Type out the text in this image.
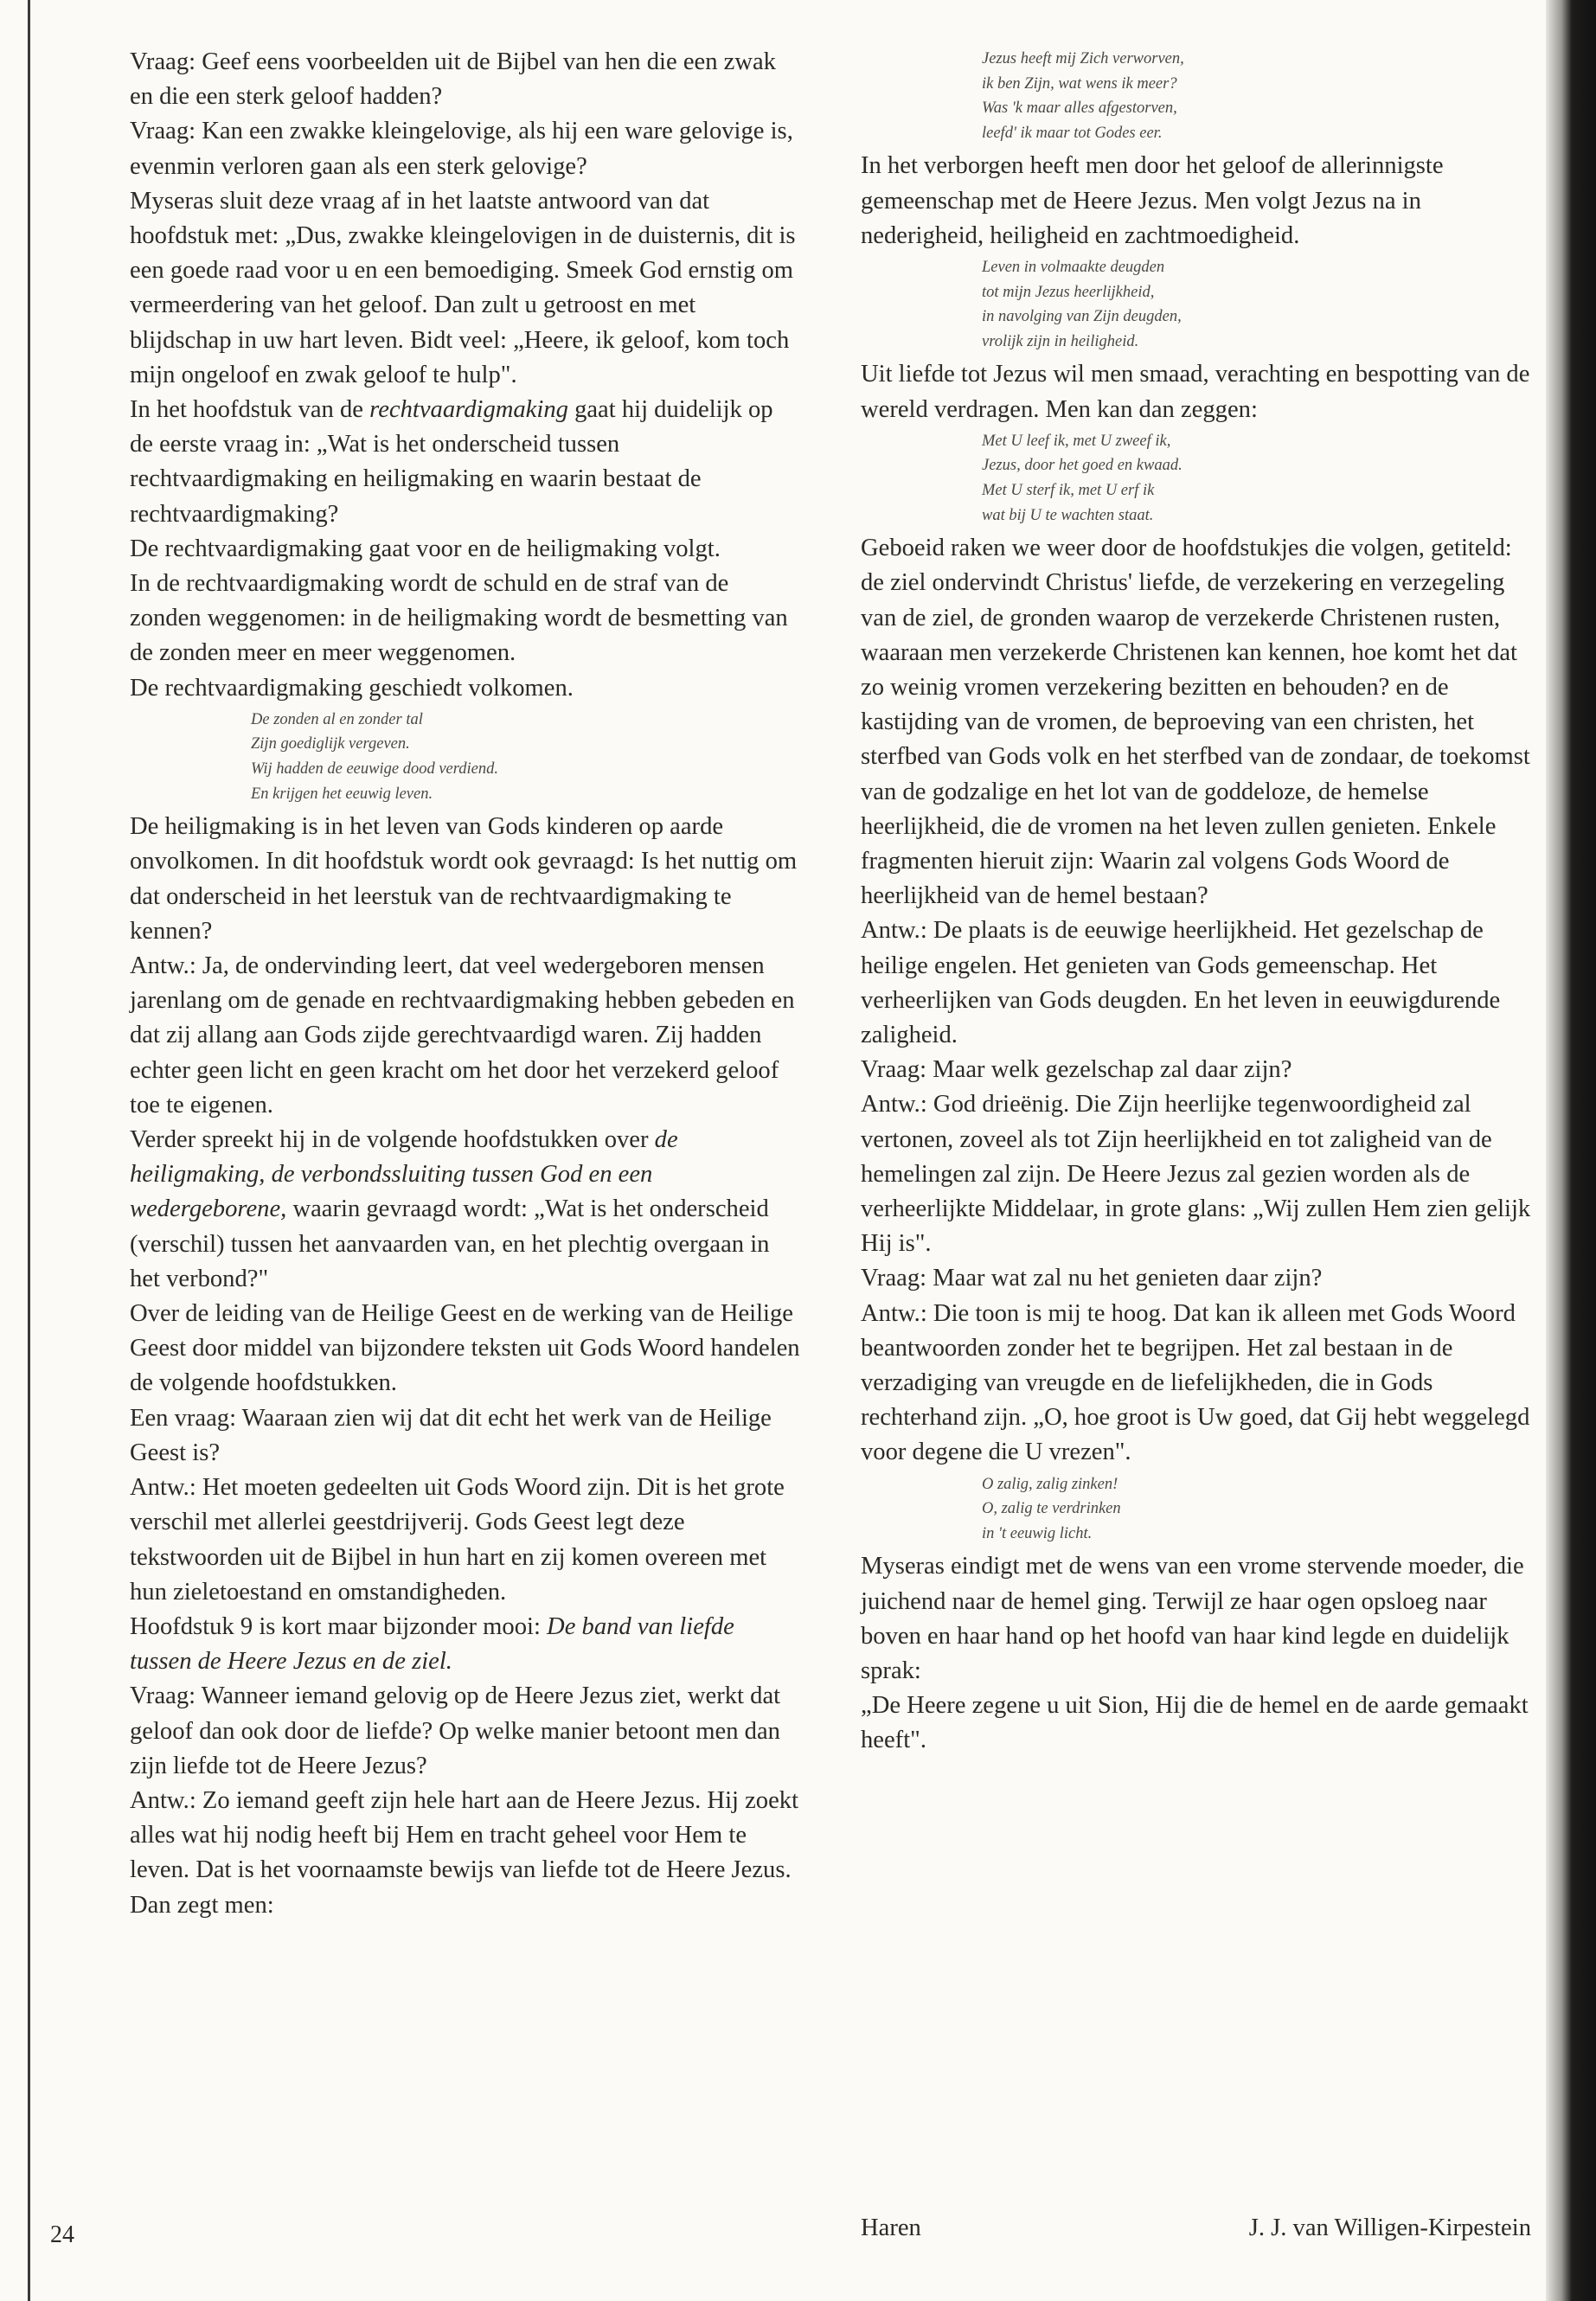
Vraag: Geef eens voorbeelden uit de Bijbel van hen die een zwak en die een sterk geloof hadden?

Vraag: Kan een zwakke kleingelovige, als hij een ware gelovige is, evenmin verloren gaan als een sterk gelovige?

Myseras sluit deze vraag af in het laatste antwoord van dat hoofdstuk met: „Dus, zwakke kleingelovigen in de duisternis, dit is een goede raad voor u en een bemoediging. Smeek God ernstig om vermeerdering van het geloof. Dan zult u getroost en met blijdschap in uw hart leven. Bidt veel: „Heere, ik geloof, kom toch mijn ongeloof en zwak geloof te hulp".

In het hoofdstuk van de rechtvaardigmaking gaat hij duidelijk op de eerste vraag in: „Wat is het onderscheid tussen rechtvaardigmaking en heiligmaking en waarin bestaat de rechtvaardigmaking?

De rechtvaardigmaking gaat voor en de heiligmaking volgt.

In de rechtvaardigmaking wordt de schuld en de straf van de zonden weggenomen: in de heiligmaking wordt de besmetting van de zonden meer en meer weggenomen.

De rechtvaardigmaking geschiedt volkomen.

De zonden al en zonder tal
Zijn goediglijk vergeven.
Wij hadden de eeuwige dood verdiend.
En krijgen het eeuwig leven.

De heiligmaking is in het leven van Gods kinderen op aarde onvolkomen. In dit hoofdstuk wordt ook gevraagd: Is het nuttig om dat onderscheid in het leerstuk van de rechtvaardigmaking te kennen?

Antw.: Ja, de ondervinding leert, dat veel wedergeboren mensen jarenlang om de genade en rechtvaardigmaking hebben gebeden en dat zij allang aan Gods zijde gerechtvaardigd waren. Zij hadden echter geen licht en geen kracht om het door het verzekerd geloof toe te eigenen.

Verder spreekt hij in de volgende hoofdstukken over de heiligmaking, de verbondssluiting tussen God en een wedergeborene, waarin gevraagd wordt: „Wat is het onderscheid (verschil) tussen het aanvaarden van, en het plechtig overgaan in het verbond?"

Over de leiding van de Heilige Geest en de werking van de Heilige Geest door middel van bijzondere teksten uit Gods Woord handelen de volgende hoofdstukken.

Een vraag: Waaraan zien wij dat dit echt het werk van de Heilige Geest is?

Antw.: Het moeten gedeelten uit Gods Woord zijn. Dit is het grote verschil met allerlei geestdrijverij. Gods Geest legt deze tekstwoorden uit de Bijbel in hun hart en zij komen overeen met hun zieletoestand en omstandigheden.

Hoofdstuk 9 is kort maar bijzonder mooi: De band van liefde tussen de Heere Jezus en de ziel.

Vraag: Wanneer iemand gelovig op de Heere Jezus ziet, werkt dat geloof dan ook door de liefde? Op welke manier betoont men dan zijn liefde tot de Heere Jezus?

Antw.: Zo iemand geeft zijn hele hart aan de Heere Jezus. Hij zoekt alles wat hij nodig heeft bij Hem en tracht geheel voor Hem te leven. Dat is het voornaamste bewijs van liefde tot de Heere Jezus. Dan zegt men:

Jezus heeft mij Zich verworven,
ik ben Zijn, wat wens ik meer?
Was 'k maar alles afgestorven,
leefd' ik maar tot Godes eer.

In het verborgen heeft men door het geloof de allerinnigste gemeenschap met de Heere Jezus. Men volgt Jezus na in nederigheid, heiligheid en zachtmoedigheid.

Leven in volmaakte deugden
tot mijn Jezus heerlijkheid,
in navolging van Zijn deugden,
vrolijk zijn in heiligheid.

Uit liefde tot Jezus wil men smaad, verachting en bespotting van de wereld verdragen. Men kan dan zeggen:

Met U leef ik, met U zweef ik,
Jezus, door het goed en kwaad.
Met U sterf ik, met U erf ik
wat bij U te wachten staat.

Geboeid raken we weer door de hoofdstukjes die volgen, getiteld: de ziel ondervindt Christus' liefde, de verzekering en verzegeling van de ziel, de gronden waarop de verzekerde Christenen rusten, waaraan men verzekerde Christenen kan kennen, hoe komt het dat zo weinig vromen verzekering bezitten en behouden? en de kastijding van de vromen, de beproeving van een christen, het sterfbed van Gods volk en het sterfbed van de zondaar, de toekomst van de godzalige en het lot van de goddeloze, de hemelse heerlijkheid, die de vromen na het leven zullen genieten. Enkele fragmenten hieruit zijn: Waarin zal volgens Gods Woord de heerlijkheid van de hemel bestaan?

Antw.: De plaats is de eeuwige heerlijkheid. Het gezelschap de heilige engelen. Het genieten van Gods gemeenschap. Het verheerlijken van Gods deugden. En het leven in eeuwigdurende zaligheid.

Vraag: Maar welk gezelschap zal daar zijn?

Antw.: God drieënig. Die Zijn heerlijke tegenwoordigheid zal vertonen, zoveel als tot Zijn heerlijkheid en tot zaligheid van de hemelingen zal zijn. De Heere Jezus zal gezien worden als de verheerlijkte Middelaar, in grote glans: „Wij zullen Hem zien gelijk Hij is".

Vraag: Maar wat zal nu het genieten daar zijn?

Antw.: Die toon is mij te hoog. Dat kan ik alleen met Gods Woord beantwoorden zonder het te begrijpen. Het zal bestaan in de verzadiging van vreugde en de liefelijkheden, die in Gods rechterhand zijn. „O, hoe groot is Uw goed, dat Gij hebt weggelegd voor degene die U vrezen".

O zalig, zalig zinken!
O, zalig te verdrinken
in 't eeuwig licht.

Myseras eindigt met de wens van een vrome stervende moeder, die juichend naar de hemel ging. Terwijl ze haar ogen opsloeg naar boven en haar hand op het hoofd van haar kind legde en duidelijk sprak:

„De Heere zegene u uit Sion, Hij die de hemel en de aarde gemaakt heeft".

24	Haren	J. J. van Willigen-Kirpestein
